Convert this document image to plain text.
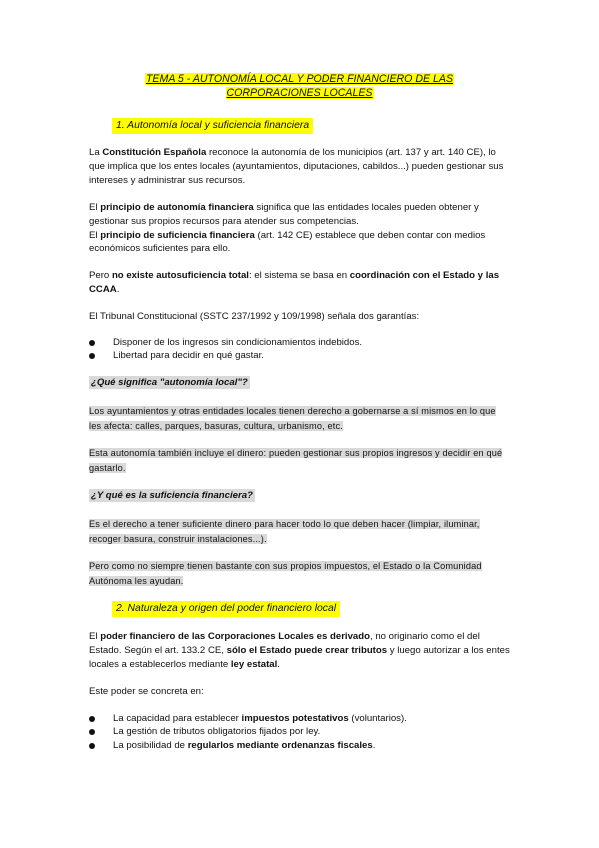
TEMA 5 - AUTONOMÍA LOCAL Y PODER FINANCIERO DE LAS
CORPORACIONES LOCALES
1. Autonomía local y suficiencia financiera
La Constitución Española reconoce la autonomía de los municipios (art. 137 y art. 140 CE), lo que implica que los entes locales (ayuntamientos, diputaciones, cabildos...) pueden gestionar sus intereses y administrar sus recursos.
El principio de autonomía financiera significa que las entidades locales pueden obtener y gestionar sus propios recursos para atender sus competencias.
El principio de suficiencia financiera (art. 142 CE) establece que deben contar con medios económicos suficientes para ello.
Pero no existe autosuficiencia total: el sistema se basa en coordinación con el Estado y las CCAA.
El Tribunal Constitucional (SSTC 237/1992 y 109/1998) señala dos garantías:
Disponer de los ingresos sin condicionamientos indebidos.
Libertad para decidir en qué gastar.
¿Qué significa "autonomía local"?
Los ayuntamientos y otras entidades locales tienen derecho a gobernarse a sí mismos en lo que les afecta: calles, parques, basuras, cultura, urbanismo, etc.
Esta autonomía también incluye el dinero: pueden gestionar sus propios ingresos y decidir en qué gastarlo.
¿Y qué es la suficiencia financiera?
Es el derecho a tener suficiente dinero para hacer todo lo que deben hacer (limpiar, iluminar, recoger basura, construir instalaciones...).
Pero como no siempre tienen bastante con sus propios impuestos, el Estado o la Comunidad Autónoma les ayudan.
2. Naturaleza y origen del poder financiero local
El poder financiero de las Corporaciones Locales es derivado, no originario como el del Estado. Según el art. 133.2 CE, sólo el Estado puede crear tributos y luego autorizar a los entes locales a establecerlos mediante ley estatal.
Este poder se concreta en:
La capacidad para establecer impuestos potestativos (voluntarios).
La gestión de tributos obligatorios fijados por ley.
La posibilidad de regularlos mediante ordenanzas fiscales.
